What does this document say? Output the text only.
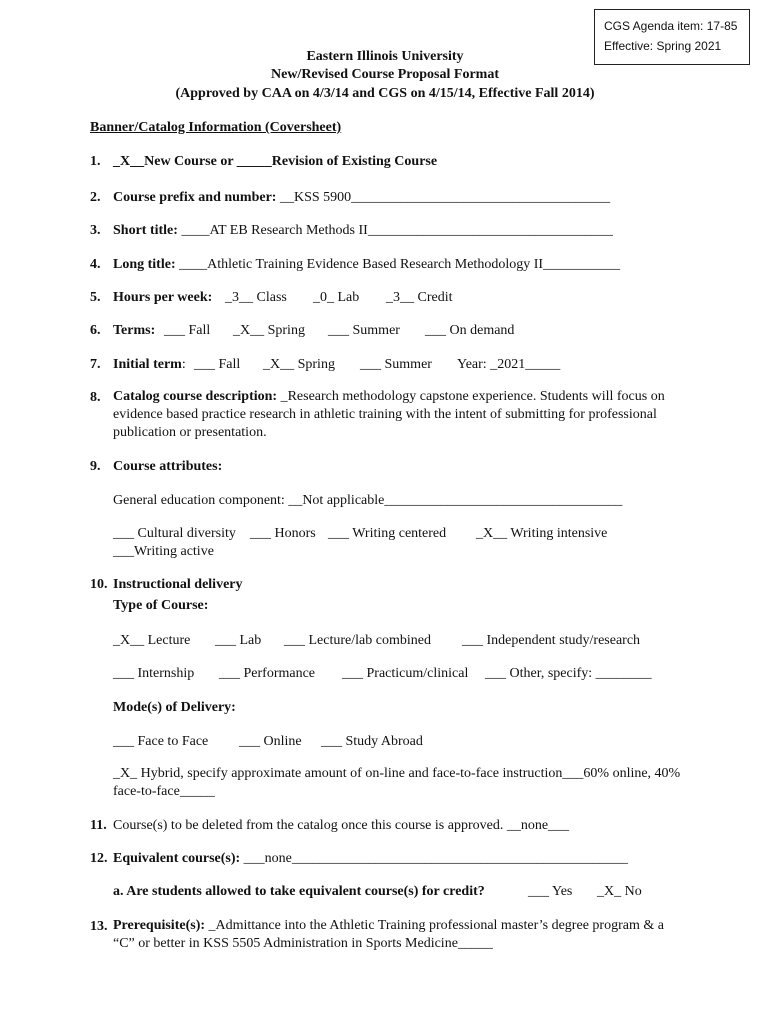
CGS Agenda item: 17-85
Effective: Spring 2021
Eastern Illinois University
New/Revised Course Proposal Format
(Approved by CAA on 4/3/14 and CGS on 4/15/14, Effective Fall 2014)
Banner/Catalog Information (Coversheet)
1. _X__New Course or _____Revision of Existing Course
2. Course prefix and number: __KSS 5900_____________________________________
3. Short title: ____AT EB Research Methods II___________________________________
4. Long title: ____Athletic Training Evidence Based Research Methodology II___________
5. Hours per week: _3__ Class _0_ Lab _3__ Credit
6. Terms: ___ Fall _X__ Spring ___ Summer ___ On demand
7. Initial term: ___ Fall _X__ Spring ___ Summer Year: _2021_____
8. Catalog course description: _Research methodology capstone experience. Students will focus on evidence based practice research in athletic training with the intent of submitting for professional publication or presentation.
9. Course attributes:
General education component: __Not applicable__________________________________
___ Cultural diversity ___ Honors ___ Writing centered _X__ Writing intensive
___Writing active
10. Instructional delivery
Type of Course:
_X__ Lecture ___ Lab ___ Lecture/lab combined ___ Independent study/research
___ Internship ___ Performance ___ Practicum/clinical ___ Other, specify: ________
Mode(s) of Delivery:
___ Face to Face ___ Online ___ Study Abroad
_X_ Hybrid, specify approximate amount of on-line and face-to-face instruction___60% online, 40% face-to-face_____
11. Course(s) to be deleted from the catalog once this course is approved. __none___
12. Equivalent course(s): ___none________________________________________________
a. Are students allowed to take equivalent course(s) for credit?	___ Yes _X_ No
13. Prerequisite(s): _Admittance into the Athletic Training professional master’s degree program & a “C” or better in KSS 5505 Administration in Sports Medicine_____
